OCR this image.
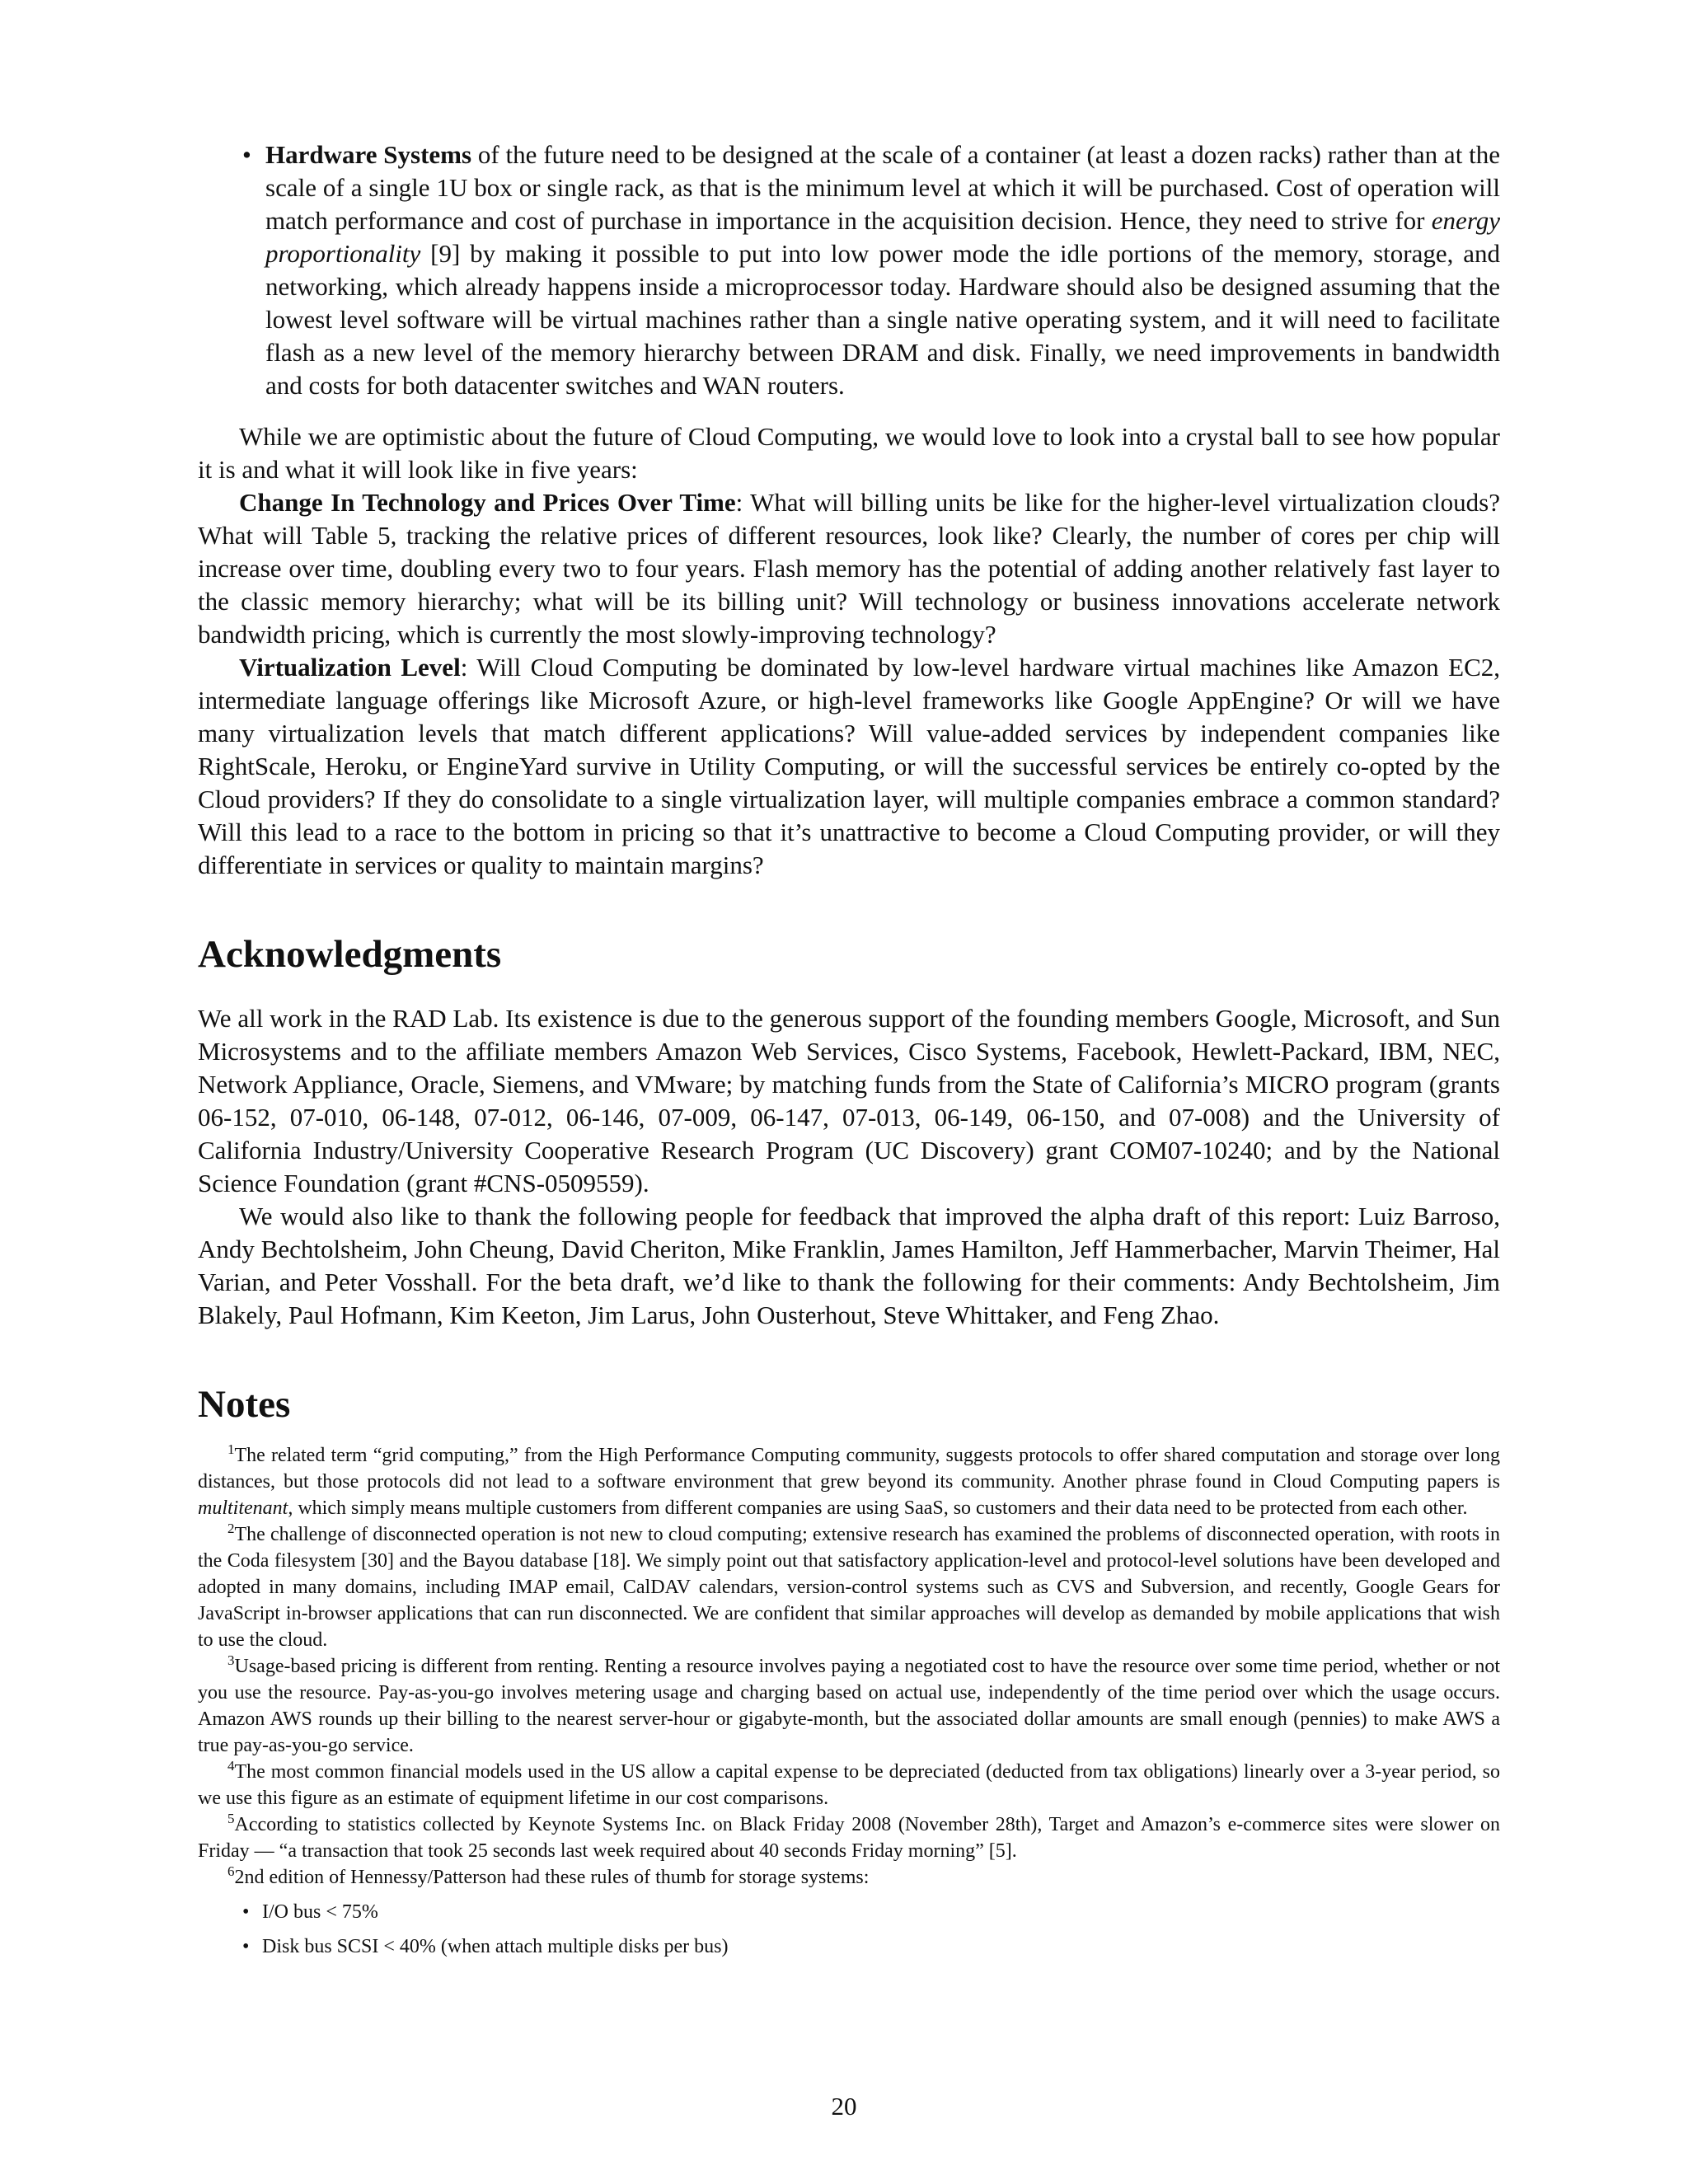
• Hardware Systems of the future need to be designed at the scale of a container (at least a dozen racks) rather than at the scale of a single 1U box or single rack, as that is the minimum level at which it will be purchased. Cost of operation will match performance and cost of purchase in importance in the acquisition decision. Hence, they need to strive for energy proportionality [9] by making it possible to put into low power mode the idle portions of the memory, storage, and networking, which already happens inside a microprocessor today. Hardware should also be designed assuming that the lowest level software will be virtual machines rather than a single native operating system, and it will need to facilitate flash as a new level of the memory hierarchy between DRAM and disk. Finally, we need improvements in bandwidth and costs for both datacenter switches and WAN routers.

While we are optimistic about the future of Cloud Computing, we would love to look into a crystal ball to see how popular it is and what it will look like in five years:

Change In Technology and Prices Over Time: What will billing units be like for the higher-level virtualization clouds? What will Table 5, tracking the relative prices of different resources, look like? Clearly, the number of cores per chip will increase over time, doubling every two to four years. Flash memory has the potential of adding another relatively fast layer to the classic memory hierarchy; what will be its billing unit? Will technology or business innovations accelerate network bandwidth pricing, which is currently the most slowly-improving technology?

Virtualization Level: Will Cloud Computing be dominated by low-level hardware virtual machines like Amazon EC2, intermediate language offerings like Microsoft Azure, or high-level frameworks like Google AppEngine? Or will we have many virtualization levels that match different applications? Will value-added services by independent companies like RightScale, Heroku, or EngineYard survive in Utility Computing, or will the successful services be entirely co-opted by the Cloud providers? If they do consolidate to a single virtualization layer, will multiple companies embrace a common standard? Will this lead to a race to the bottom in pricing so that it’s unattractive to become a Cloud Computing provider, or will they differentiate in services or quality to maintain margins?

Acknowledgments

We all work in the RAD Lab. Its existence is due to the generous support of the founding members Google, Microsoft, and Sun Microsystems and to the affiliate members Amazon Web Services, Cisco Systems, Facebook, Hewlett-Packard, IBM, NEC, Network Appliance, Oracle, Siemens, and VMware; by matching funds from the State of California’s MICRO program (grants 06-152, 07-010, 06-148, 07-012, 06-146, 07-009, 06-147, 07-013, 06-149, 06-150, and 07-008) and the University of California Industry/University Cooperative Research Program (UC Discovery) grant COM07-10240; and by the National Science Foundation (grant #CNS-0509559).

We would also like to thank the following people for feedback that improved the alpha draft of this report: Luiz Barroso, Andy Bechtolsheim, John Cheung, David Cheriton, Mike Franklin, James Hamilton, Jeff Hammerbacher, Marvin Theimer, Hal Varian, and Peter Vosshall. For the beta draft, we’d like to thank the following for their comments: Andy Bechtolsheim, Jim Blakely, Paul Hofmann, Kim Keeton, Jim Larus, John Ousterhout, Steve Whittaker, and Feng Zhao.

Notes

$^1$The related term “grid computing,” from the High Performance Computing community, suggests protocols to offer shared computation and storage over long distances, but those protocols did not lead to a software environment that grew beyond its community. Another phrase found in Cloud Computing papers is multitenant, which simply means multiple customers from different companies are using SaaS, so customers and their data need to be protected from each other.

$^2$The challenge of disconnected operation is not new to cloud computing; extensive research has examined the problems of disconnected operation, with roots in the Coda filesystem [30] and the Bayou database [18]. We simply point out that satisfactory application-level and protocol-level solutions have been developed and adopted in many domains, including IMAP email, CalDAV calendars, version-control systems such as CVS and Subversion, and recently, Google Gears for JavaScript in-browser applications that can run disconnected. We are confident that similar approaches will develop as demanded by mobile applications that wish to use the cloud.

$^3$Usage-based pricing is different from renting. Renting a resource involves paying a negotiated cost to have the resource over some time period, whether or not you use the resource. Pay-as-you-go involves metering usage and charging based on actual use, independently of the time period over which the usage occurs. Amazon AWS rounds up their billing to the nearest server-hour or gigabyte-month, but the associated dollar amounts are small enough (pennies) to make AWS a true pay-as-you-go service.

$^4$The most common financial models used in the US allow a capital expense to be depreciated (deducted from tax obligations) linearly over a 3-year period, so we use this figure as an estimate of equipment lifetime in our cost comparisons.

$^5$According to statistics collected by Keynote Systems Inc. on Black Friday 2008 (November 28th), Target and Amazon’s e-commerce sites were slower on Friday — “a transaction that took 25 seconds last week required about 40 seconds Friday morning” [5].

$^6$2nd edition of Hennessy/Patterson had these rules of thumb for storage systems:

• I/O bus < 75%
• Disk bus SCSI < 40% (when attach multiple disks per bus)
20
